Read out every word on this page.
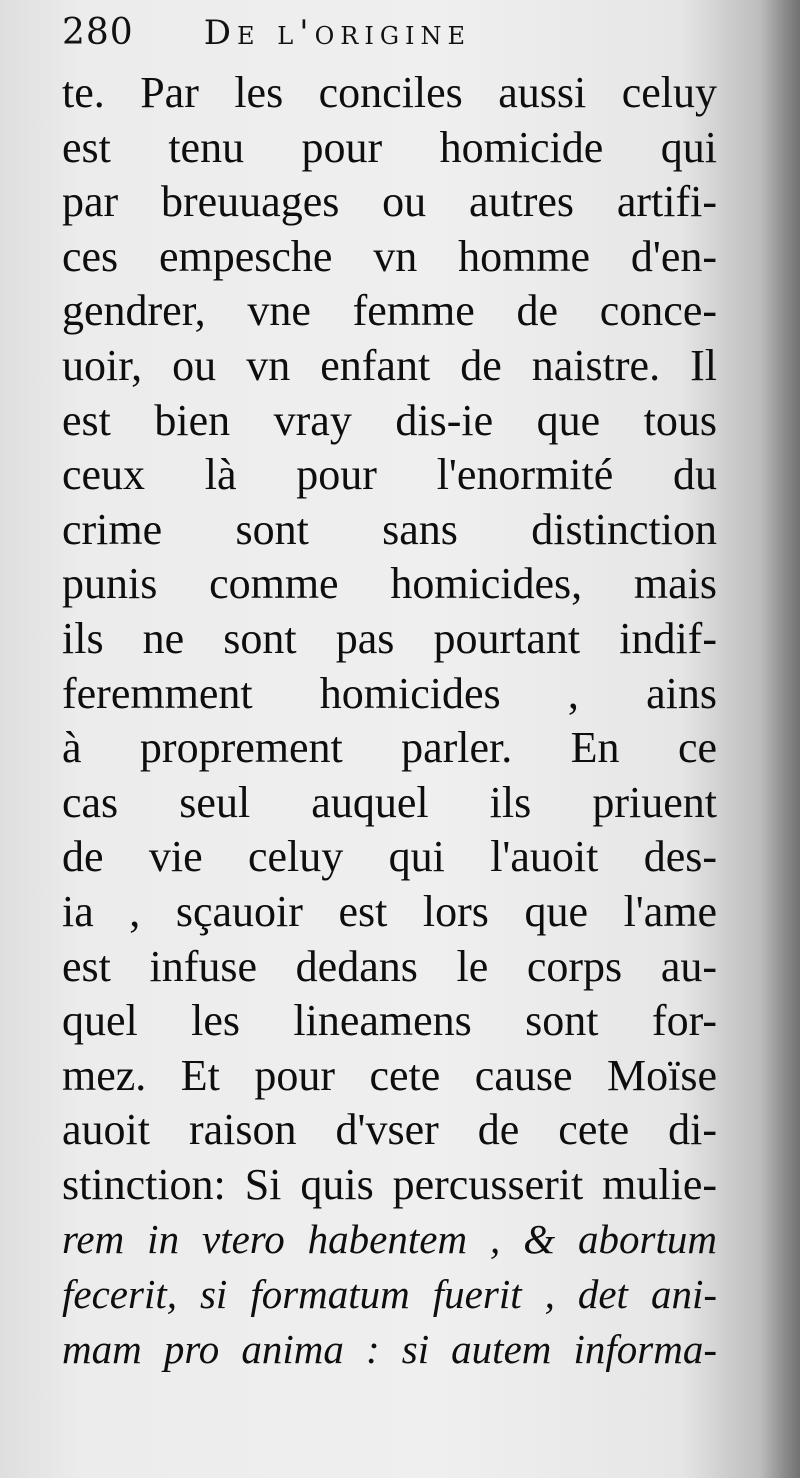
280 De l'origine
te. Par les conciles aussi celuy
est tenu pour homicide qui
par breuuages ou autres artifi-
ces empesche vn homme d'en-
gendrer, vne femme de conce-
uoir, ou vn enfant de naistre. Il
est bien vray dis-ie que tous
ceux là pour l'enormité du
crime sont sans distinction
punis comme homicides, mais
ils ne sont pas pourtant indif-
feremment homicides , ains
à proprement parler. En ce
cas seul auquel ils priuent
de vie celuy qui l'auoit des-
ia , sçauoir est lors que l'ame
est infuse dedans le corps au-
quel les lineamens sont for-
mez. Et pour cete cause Moïse
auoit raison d'vser de cete di-
stinction: Si quis percusserit mulie-
rem in vtero habentem , & abortum
fecerit, si formatum fuerit , det ani-
mam pro anima : si autem informa-
